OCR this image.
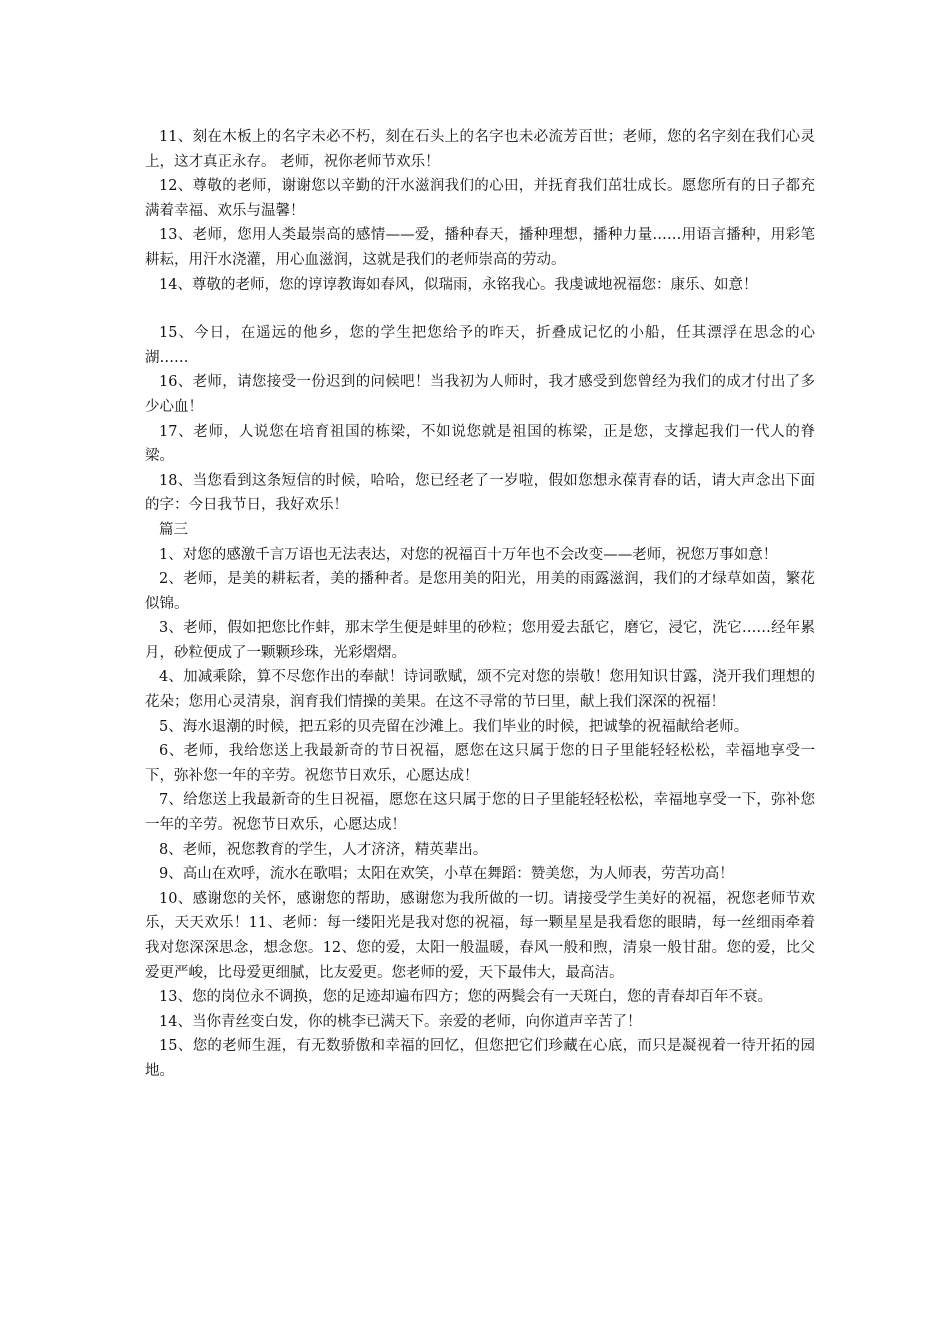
11、刻在木板上的名字未必不朽，刻在石头上的名字也未必流芳百世；老师，您的名字刻在我们心灵上，这才真正永存。 老师，祝你老师节欢乐！

12、尊敬的老师，谢谢您以辛勤的汗水滋润我们的心田，并抚育我们茁壮成长。愿您所有的日子都充满着幸福、欢乐与温馨！

13、老师，您用人类最崇高的感情——爱，播种春天，播种理想，播种力量……用语言播种，用彩笔耕耘，用汗水浇灌，用心血滋润，这就是我们的老师崇高的劳动。

14、尊敬的老师，您的谆谆教诲如春风，似瑞雨，永铭我心。我虔诚地祝福您：康乐、如意！

15、今日，在遥远的他乡，您的学生把您给予的昨天，折叠成记忆的小船，任其漂浮在思念的心湖……

16、老师，请您接受一份迟到的问候吧！当我初为人师时，我才感受到您曾经为我们的成才付出了多少心血！

17、老师，人说您在培育祖国的栋梁，不如说您就是祖国的栋梁，正是您，支撑起我们一代人的脊梁。

18、当您看到这条短信的时候，哈哈，您已经老了一岁啦，假如您想永葆青春的话，请大声念出下面的字：今日我节日，我好欢乐！

篇三

1、对您的感激千言万语也无法表达，对您的祝福百十万年也不会改变——老师，祝您万事如意！

2、老师，是美的耕耘者，美的播种者。是您用美的阳光，用美的雨露滋润，我们的才绿草如茵，繁花似锦。

3、老师，假如把您比作蚌，那末学生便是蚌里的砂粒；您用爱去舐它，磨它，浸它，洗它……经年累月，砂粒便成了一颗颗珍珠，光彩熠熠。

4、加减乘除，算不尽您作出的奉献！诗词歌赋，颂不完对您的崇敬！您用知识甘露，浇开我们理想的花朵；您用心灵清泉，润育我们情操的美果。在这不寻常的节曰里，献上我们深深的祝福！

5、海水退潮的时候，把五彩的贝壳留在沙滩上。我们毕业的时候，把诚挚的祝福献给老师。

6、老师，我给您送上我最新奇的节日祝福，愿您在这只属于您的日子里能轻轻松松，幸福地享受一下，弥补您一年的辛劳。祝您节日欢乐，心愿达成！

7、给您送上我最新奇的生日祝福，愿您在这只属于您的日子里能轻轻松松，幸福地享受一下，弥补您一年的辛劳。祝您节日欢乐，心愿达成！

8、老师，祝您教育的学生，人才济济，精英辈出。

9、高山在欢呼，流水在歌唱；太阳在欢笑，小草在舞蹈：赞美您，为人师表，劳苦功高！

10、感谢您的关怀，感谢您的帮助，感谢您为我所做的一切。请接受学生美好的祝福，祝您老师节欢乐，天天欢乐！11、老师：每一缕阳光是我对您的祝福，每一颗星星是我看您的眼睛，每一丝细雨牵着我对您深深思念，想念您。12、您的爱，太阳一般温暖，春风一般和煦，清泉一般甘甜。您的爱，比父爱更严峻，比母爱更细腻，比友爱更。您老师的爱，天下最伟大，最高洁。

13、您的岗位永不调换，您的足迹却遍布四方；您的两鬓会有一天斑白，您的青春却百年不衰。

14、当你青丝变白发，你的桃李已满天下。亲爱的老师，向你道声辛苦了！

15、您的老师生涯，有无数骄傲和幸福的回忆，但您把它们珍藏在心底，而只是凝视着一待开拓的园地。
